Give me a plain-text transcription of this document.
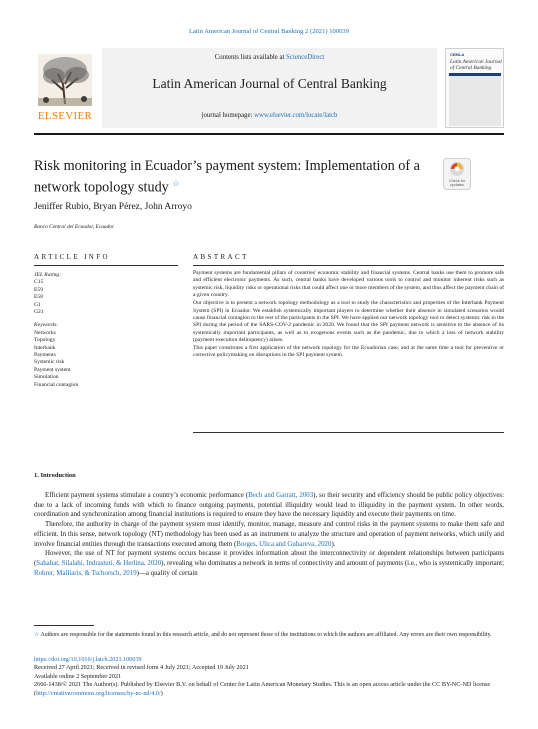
Latin American Journal of Central Banking 2 (2021) 100039
ELSEVIER
Contents lists available at ScienceDirect
Latin American Journal of Central Banking
journal homepage: www.elsevier.com/locate/latcb
CEMLA
Latin American Journal of Central Banking
Risk monitoring in Ecuador’s payment system: Implementation of a network topology study ☆	Check for
updates
Jeniffer Rubio, Bryan Pérez, John Arroyo
Banco Central del Ecuador, Ecuador
ARTICLE INFO
JEL Rating:
C15
E59
E58
G1
G21
Keywords:
Networks
Topology
Interbank
Payments
Systemic risk
Payment system
Simulation
Financial contagion
ABSTRACT

Payment systems are fundamental pillars of countries' economic stability and financial systems. Central banks use them to promote safe and efficient electronic payments. As such, central banks have developed various tools to control and monitor inherent risks such as systemic risk, liquidity risks or operational risks that could affect one or more members of the system, and thus affect the payment chain of a given country.

Our objective is to present a network topology methodology as a tool to study the characteristics and properties of the Interbank Payment System (SPI) in Ecuador. We establish systemically important players to determine whether their absence in simulated scenarios would cause financial contagion to the rest of the participants in the SPI. We have applied our network topology tool to detect systemic risk in the SPI during the period of the SARS-COV-2 pandemic in 2020. We found that the SPI payment network is sensitive to the absence of its systemically important participants, as well as to exogenous events such as the pandemic, due to which a loss of network stability (payment execution delinquency) arises.

This paper constitutes a first application of the network topology for the Ecuadorian case, and at the same time a tool for preventive or corrective policymaking on disruptions in the SPI payment system.

1. Introduction

Efficient payment systems stimulate a country’s economic performance (Bech and Garratt, 2003), so their security and efficiency should be public policy objectives: due to a lack of incoming funds with which to finance outgoing payments, potential illiquidity would lead to illiquidity in the payment system. In other words, coordination and synchronization among financial institutions is required to ensure they have the necessary liquidity and execute their payments on time.

Therefore, the authority in charge of the payment system must identify, monitor, manage, measure and control risks in the payment systems to make them safe and efficient. In this sense, network topology (NT) methodology has been used as an instrument to analyze the structure and operation of payment networks, which unify and involve financial entities through the transactions executed among them (Borges, Ulica and Gubareva, 2020).

However, the use of NT for payment systems occurs because it provides information about the interconnectivity or dependent relationships between participants (Sahabat, Silalahi, Indrastuti, & Herlina, 2020), revealing who dominates a network in terms of connectivity and amount of payments (i.e., who is systemically important; Rohrer, Malliaris, & Tschorsch, 2019)—a quality of certain

☆ Authors are responsible for the statements found in this research article, and do not represent those of the institutions to which the authors are affiliated. Any errors are their own responsibility.
https://doi.org/10.1016/j.latcb.2021.100039
Received 27 April 2021; Received in revised form 4 July 2021; Accepted 19 July 2021
Available online 2 September 2021
2666-1438/© 2021 The Author(s). Published by Elsevier B.V. on behalf of Center for Latin American Monetary Studies. This is an open access article under the CC BY-NC-ND license (http://creativecommons.org/licenses/by-nc-nd/4.0/)
